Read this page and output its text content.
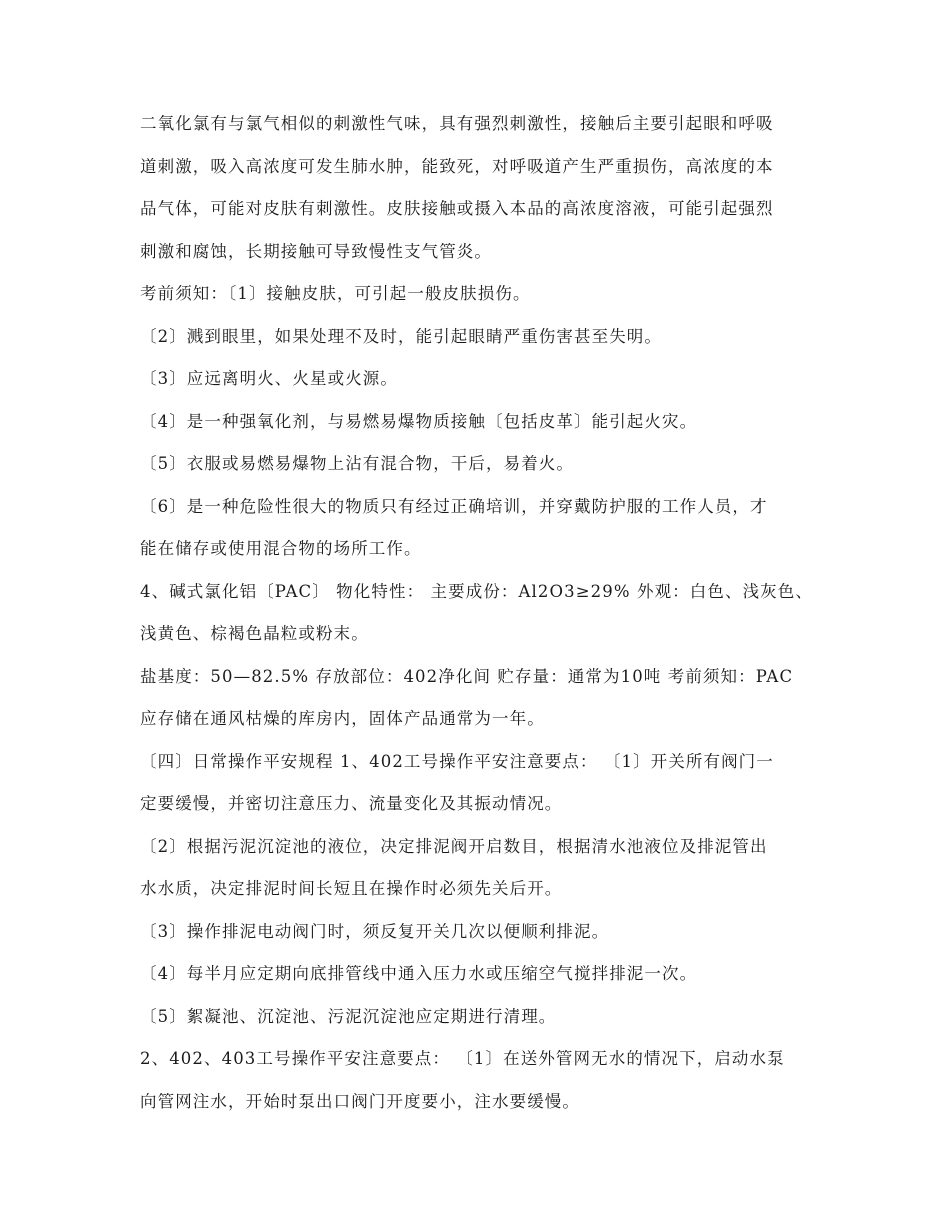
二氧化氯有与氯气相似的刺激性气味，具有强烈刺激性，接触后主要引起眼和呼吸
道刺激，吸入高浓度可发生肺水肿，能致死，对呼吸道产生严重损伤，高浓度的本
品气体，可能对皮肤有刺激性。皮肤接触或摄入本品的高浓度溶液，可能引起强烈
刺激和腐蚀，长期接触可导致慢性支气管炎。
考前须知：〔1〕接触皮肤，可引起一般皮肤损伤。
〔2〕溅到眼里，如果处理不及时，能引起眼睛严重伤害甚至失明。
〔3〕应远离明火、火星或火源。
〔4〕是一种强氧化剂，与易燃易爆物质接触〔包括皮革〕能引起火灾。
〔5〕衣服或易燃易爆物上沾有混合物，干后，易着火。
〔6〕是一种危险性很大的物质只有经过正确培训，并穿戴防护服的工作人员，才
能在储存或使用混合物的场所工作。
4、碱式氯化铝〔PAC〕 物化特性： 主要成份：Al2O3≥29% 外观：白色、浅灰色、
浅黄色、棕褐色晶粒或粉末。
盐基度：50—82.5% 存放部位：402净化间 贮存量：通常为10吨 考前须知：PAC
应存储在通风枯燥的库房内，固体产品通常为一年。
〔四〕日常操作平安规程 1、402工号操作平安注意要点： 〔1〕开关所有阀门一
定要缓慢，并密切注意压力、流量变化及其振动情况。
〔2〕根据污泥沉淀池的液位，决定排泥阀开启数目，根据清水池液位及排泥管出
水水质，决定排泥时间长短且在操作时必须先关后开。
〔3〕操作排泥电动阀门时，须反复开关几次以便顺利排泥。
〔4〕每半月应定期向底排管线中通入压力水或压缩空气搅拌排泥一次。
〔5〕絮凝池、沉淀池、污泥沉淀池应定期进行清理。
2、402、403工号操作平安注意要点： 〔1〕在送外管网无水的情况下，启动水泵
向管网注水，开始时泵出口阀门开度要小，注水要缓慢。
